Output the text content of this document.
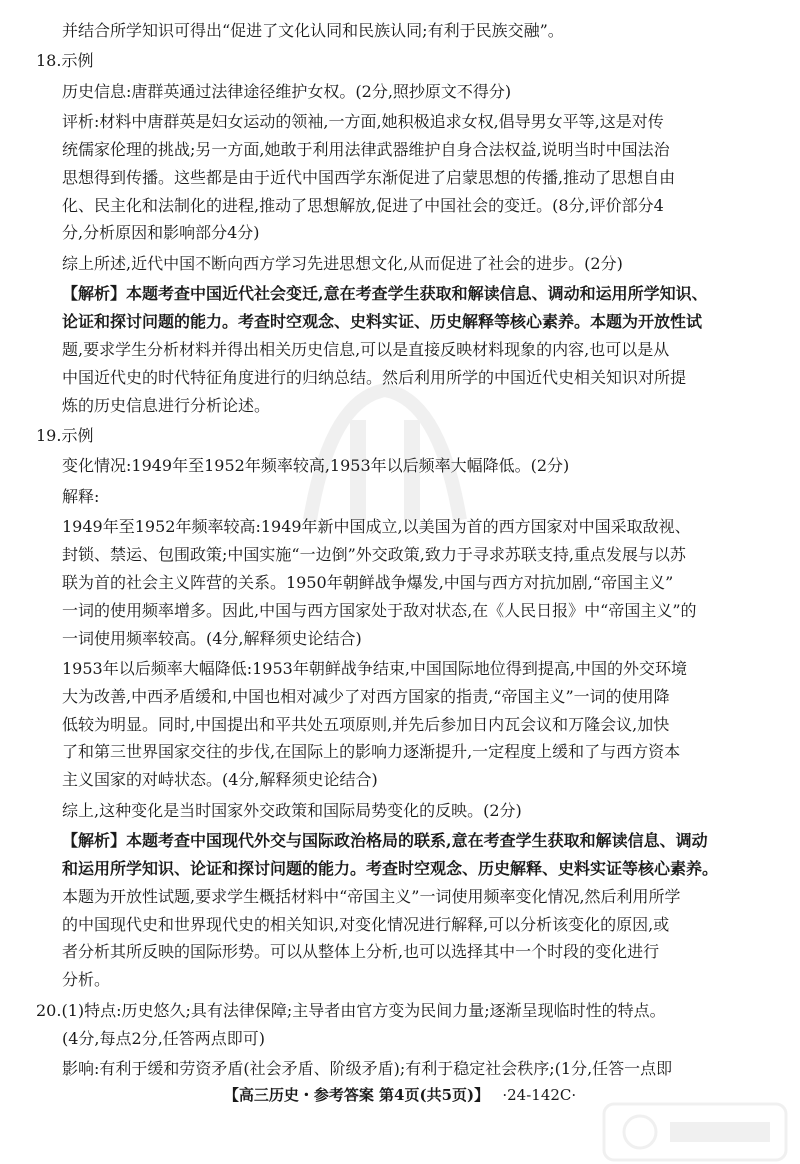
并结合所学知识可得出“促进了文化认同和民族认同;有利于民族交融”。
18.示例
历史信息:唐群英通过法律途径维护女权。(2分,照抄原文不得分)
评析:材料中唐群英是妇女运动的领袖,一方面,她积极追求女权,倡导男女平等,这是对传
统儒家伦理的挑战;另一方面,她敢于利用法律武器维护自身合法权益,说明当时中国法治
思想得到传播。这些都是由于近代中国西学东渐促进了启蒙思想的传播,推动了思想自由
化、民主化和法制化的进程,推动了思想解放,促进了中国社会的变迁。(8分,评价部分4
分,分析原因和影响部分4分)
综上所述,近代中国不断向西方学习先进思想文化,从而促进了社会的进步。(2分)
【解析】本题考查中国近代社会变迁,意在考查学生获取和解读信息、调动和运用所学知识、
论证和探讨问题的能力。考查时空观念、史料实证、历史解释等核心素养。本题为开放性试
题,要求学生分析材料并得出相关历史信息,可以是直接反映材料现象的内容,也可以是从
中国近代史的时代特征角度进行的归纳总结。然后利用所学的中国近代史相关知识对所提
炼的历史信息进行分析论述。
19.示例
变化情况:1949年至1952年频率较高,1953年以后频率大幅降低。(2分)
解释:
1949年至1952年频率较高:1949年新中国成立,以美国为首的西方国家对中国采取敌视、
封锁、禁运、包围政策;中国实施“一边倒”外交政策,致力于寻求苏联支持,重点发展与以苏
联为首的社会主义阵营的关系。1950年朝鲜战争爆发,中国与西方对抗加剧,“帝国主义”
一词的使用频率增多。因此,中国与西方国家处于敌对状态,在《人民日报》中“帝国主义”的
一词使用频率较高。(4分,解释须史论结合)
1953年以后频率大幅降低:1953年朝鲜战争结束,中国国际地位得到提高,中国的外交环境
大为改善,中西矛盾缓和,中国也相对减少了对西方国家的指责,“帝国主义”一词的使用降
低较为明显。同时,中国提出和平共处五项原则,并先后参加日内瓦会议和万隆会议,加快
了和第三世界国家交往的步伐,在国际上的影响力逐渐提升,一定程度上缓和了与西方资本
主义国家的对峙状态。(4分,解释须史论结合)
综上,这种变化是当时国家外交政策和国际局势变化的反映。(2分)
【解析】本题考查中国现代外交与国际政治格局的联系,意在考查学生获取和解读信息、调动
和运用所学知识、论证和探讨问题的能力。考查时空观念、历史解释、史料实证等核心素养。
本题为开放性试题,要求学生概括材料中“帝国主义”一词使用频率变化情况,然后利用所学
的中国现代史和世界现代史的相关知识,对变化情况进行解释,可以分析该变化的原因,或
者分析其所反映的国际形势。可以从整体上分析,也可以选择其中一个时段的变化进行
分析。
20.(1)特点:历史悠久;具有法律保障;主导者由官方变为民间力量;逐渐呈现临时性的特点。
(4分,每点2分,任答两点即可)
影响:有利于缓和劳资矛盾(社会矛盾、阶级矛盾);有利于稳定社会秩序;(1分,任答一点即
【高三历史・参考答案 第4页(共5页)】 ·24-142C·
